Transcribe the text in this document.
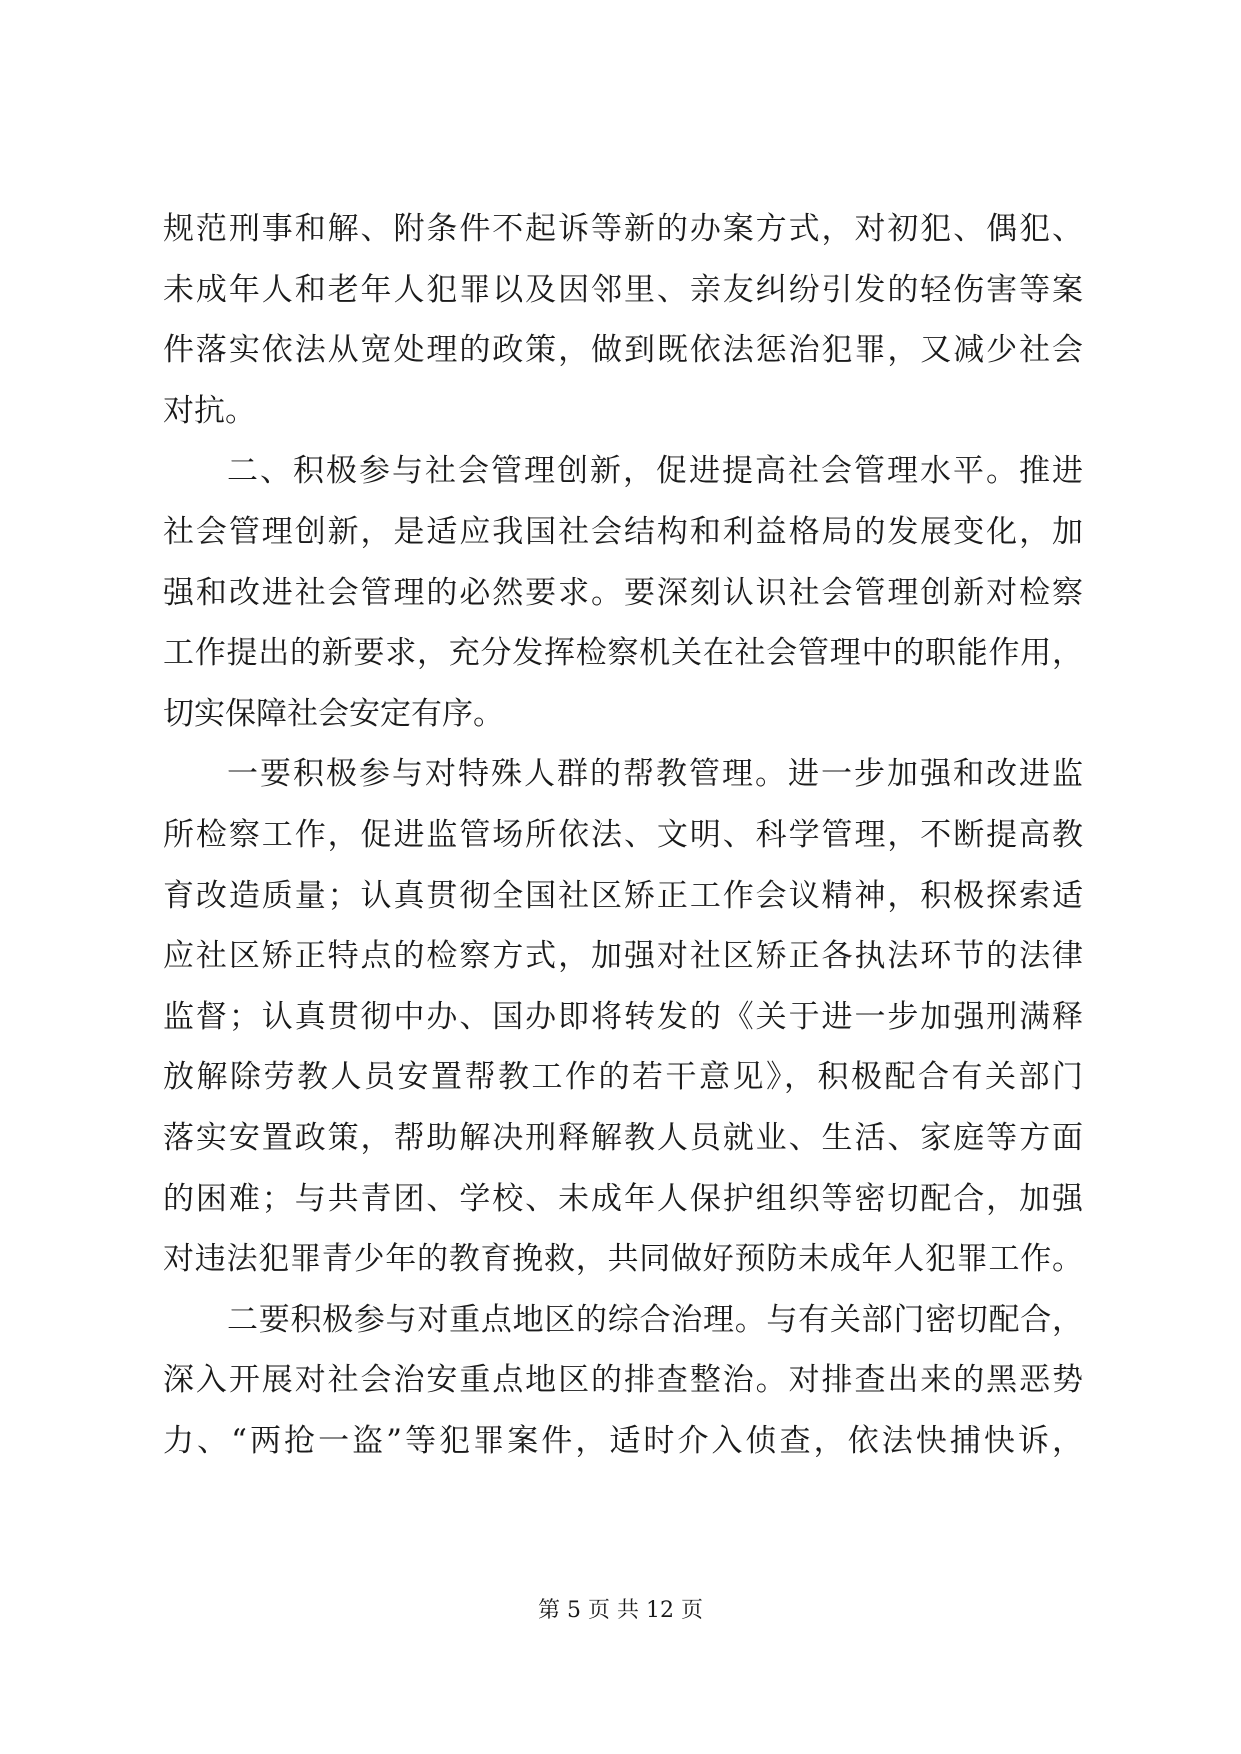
规范刑事和解、附条件不起诉等新的办案方式，对初犯、偶犯、
未成年人和老年人犯罪以及因邻里、亲友纠纷引发的轻伤害等案
件落实依法从宽处理的政策，做到既依法惩治犯罪，又减少社会
对抗。
二、积极参与社会管理创新，促进提高社会管理水平。推进
社会管理创新，是适应我国社会结构和利益格局的发展变化，加
强和改进社会管理的必然要求。要深刻认识社会管理创新对检察
工作提出的新要求，充分发挥检察机关在社会管理中的职能作用，
切实保障社会安定有序。
一要积极参与对特殊人群的帮教管理。进一步加强和改进监
所检察工作，促进监管场所依法、文明、科学管理，不断提高教
育改造质量；认真贯彻全国社区矫正工作会议精神，积极探索适
应社区矫正特点的检察方式，加强对社区矫正各执法环节的法律
监督；认真贯彻中办、国办即将转发的《关于进一步加强刑满释
放解除劳教人员安置帮教工作的若干意见》，积极配合有关部门
落实安置政策，帮助解决刑释解教人员就业、生活、家庭等方面
的困难；与共青团、学校、未成年人保护组织等密切配合，加强
对违法犯罪青少年的教育挽救，共同做好预防未成年人犯罪工作。
二要积极参与对重点地区的综合治理。与有关部门密切配合，
深入开展对社会治安重点地区的排查整治。对排查出来的黑恶势
力、“两抢一盗”等犯罪案件，适时介入侦查，依法快捕快诉，
第 5 页 共 12 页
